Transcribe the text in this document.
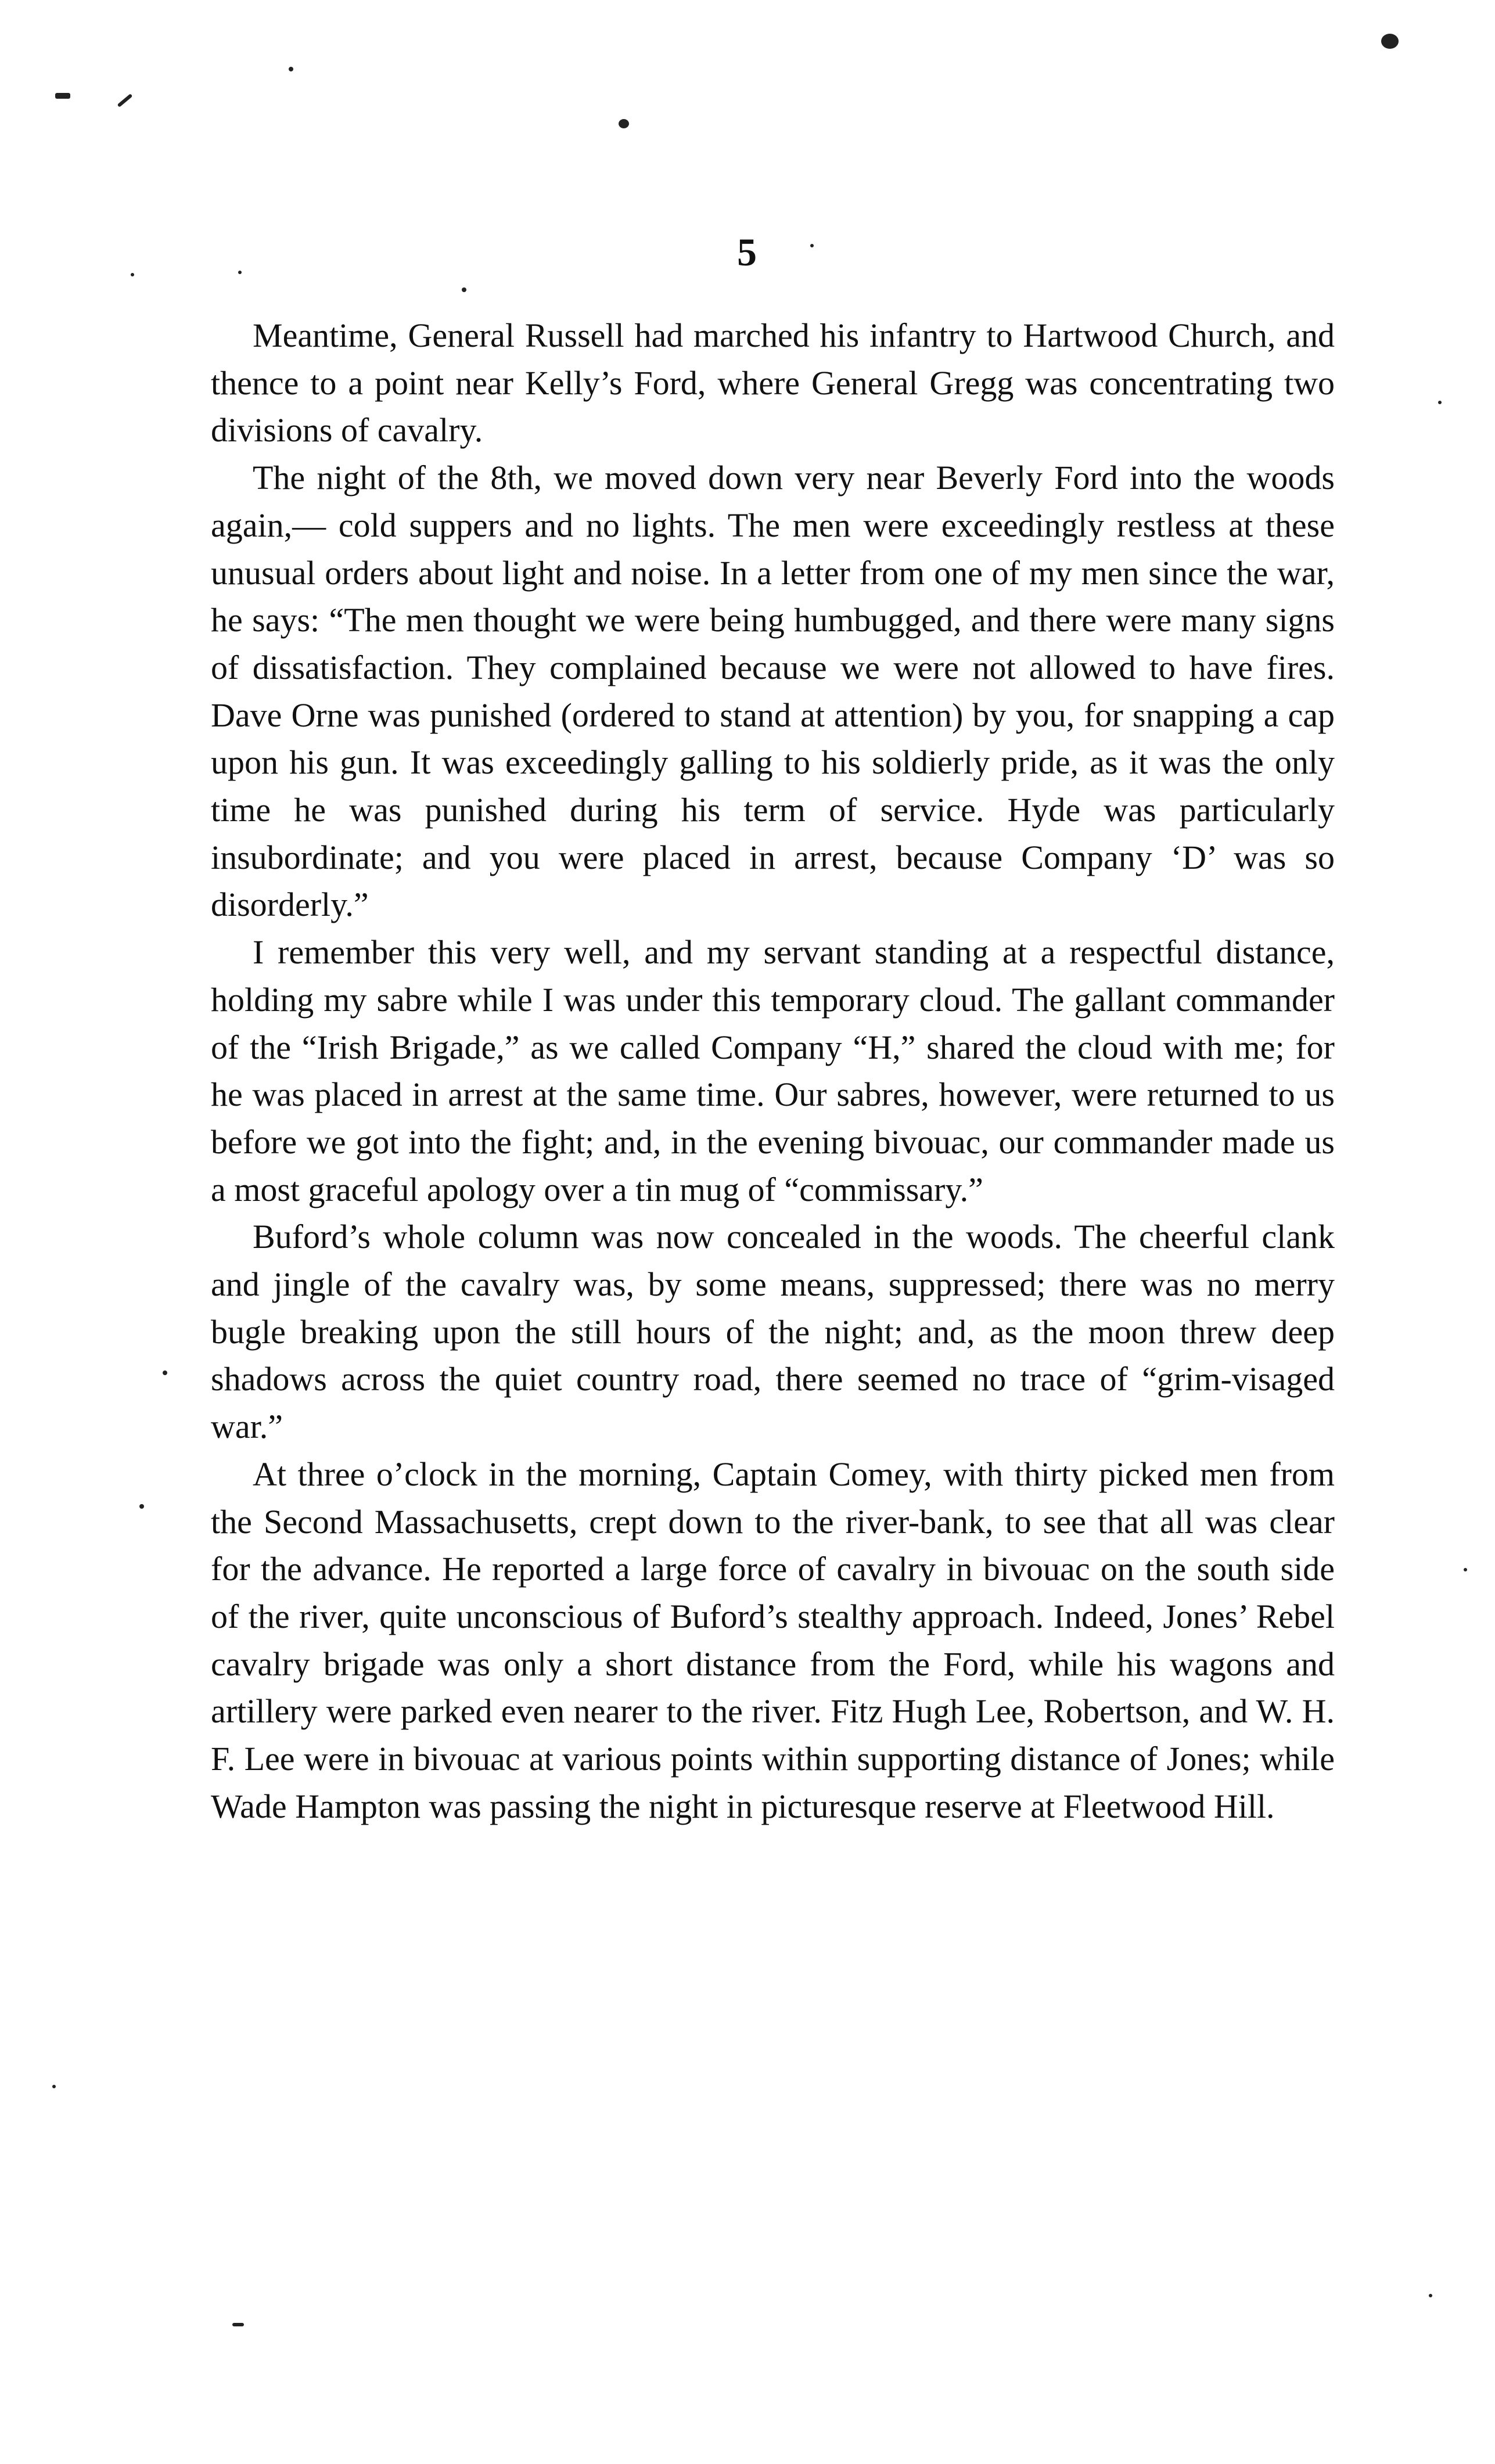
5

Meantime, General Russell had marched his infantry to Hartwood Church, and thence to a point near Kelly’s Ford, where General Gregg was concentrating two divisions of cavalry.

The night of the 8th, we moved down very near Beverly Ford into the woods again,— cold suppers and no lights. The men were exceedingly restless at these unusual orders about light and noise. In a letter from one of my men since the war, he says: “The men thought we were being humbugged, and there were many signs of dissatisfaction. They complained because we were not allowed to have fires. Dave Orne was punished (ordered to stand at attention) by you, for snapping a cap upon his gun. It was exceedingly galling to his soldierly pride, as it was the only time he was punished during his term of service. Hyde was particularly insubordinate; and you were placed in arrest, because Company ‘D’ was so disorderly.”

I remember this very well, and my servant standing at a respectful distance, holding my sabre while I was under this temporary cloud. The gallant commander of the “Irish Brigade,” as we called Company “H,” shared the cloud with me; for he was placed in arrest at the same time. Our sabres, however, were returned to us before we got into the fight; and, in the evening bivouac, our commander made us a most graceful apology over a tin mug of “commissary.”

Buford’s whole column was now concealed in the woods. The cheerful clank and jingle of the cavalry was, by some means, suppressed; there was no merry bugle breaking upon the still hours of the night; and, as the moon threw deep shadows across the quiet country road, there seemed no trace of “grim-visaged war.”

At three o’clock in the morning, Captain Comey, with thirty picked men from the Second Massachusetts, crept down to the river-bank, to see that all was clear for the advance. He reported a large force of cavalry in bivouac on the south side of the river, quite unconscious of Buford’s stealthy approach. Indeed, Jones’ Rebel cavalry brigade was only a short distance from the Ford, while his wagons and artillery were parked even nearer to the river. Fitz Hugh Lee, Robertson, and W. H. F. Lee were in bivouac at various points within supporting distance of Jones; while Wade Hampton was passing the night in picturesque reserve at Fleetwood Hill.
